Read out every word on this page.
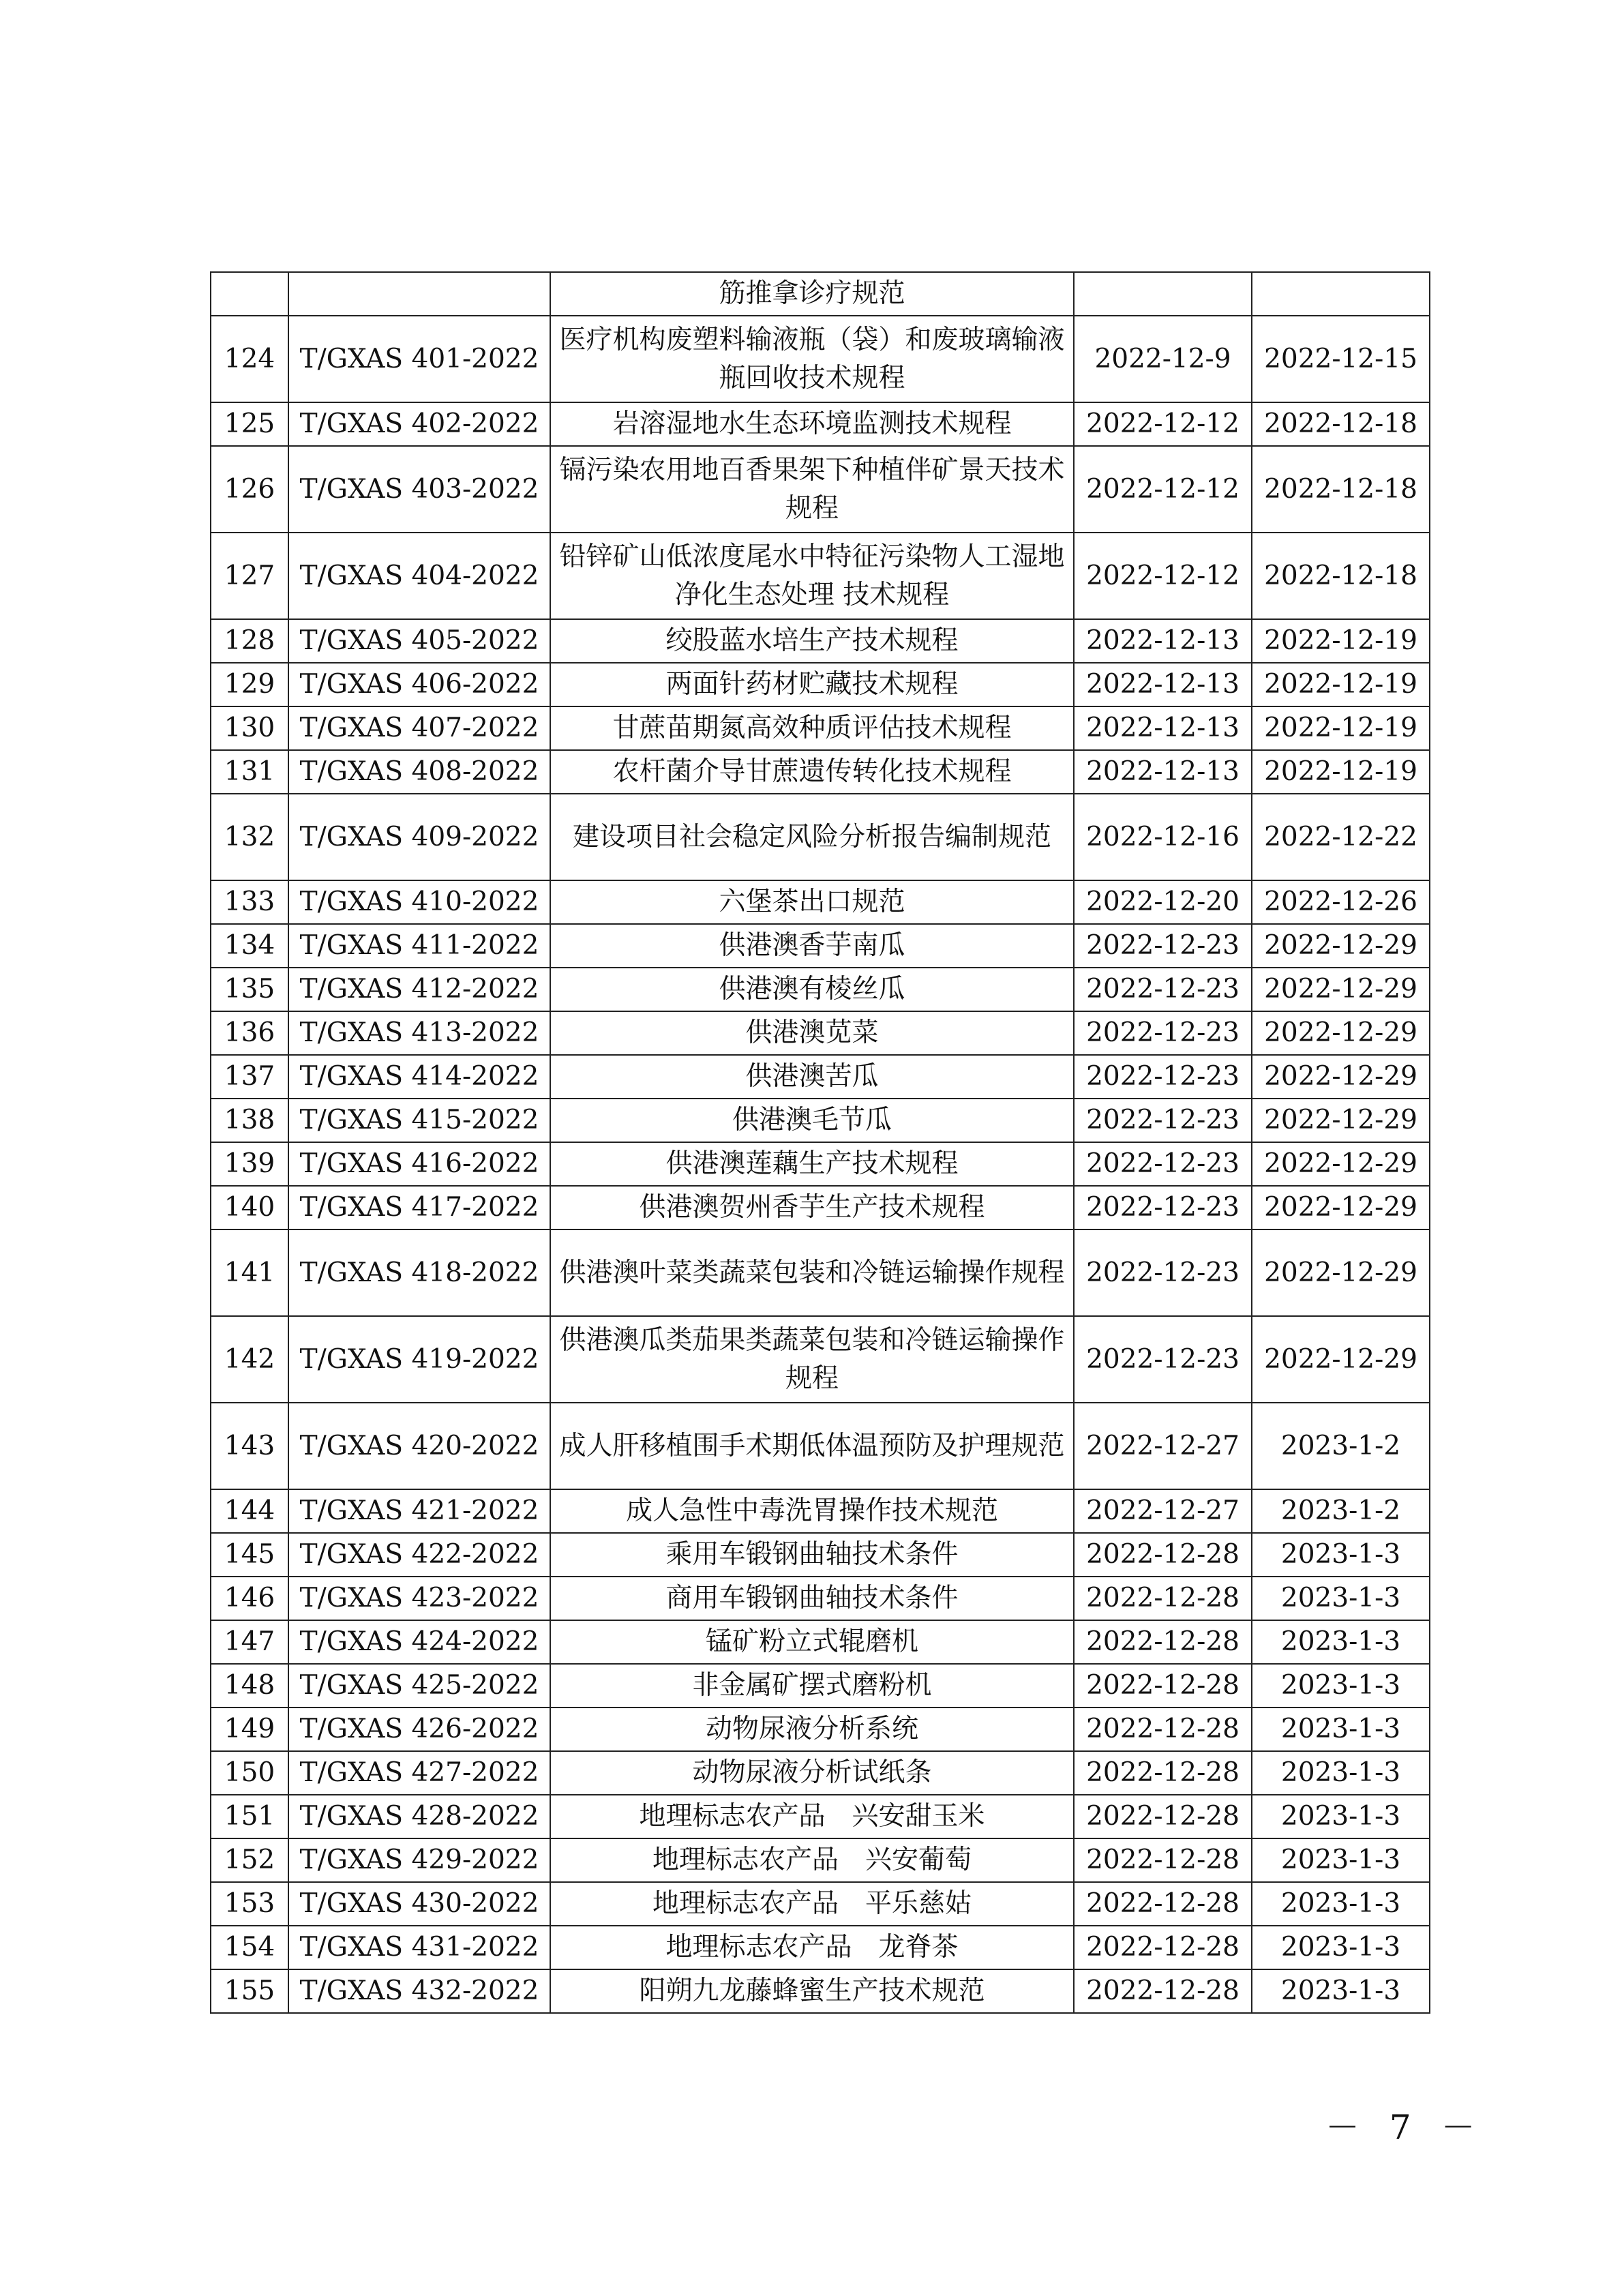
		筋推拿诊疗规范		
124	T/GXAS 401-2022	医疗机构废塑料输液瓶（袋）和废玻璃输液瓶回收技术规程	2022-12-9	2022-12-15
125	T/GXAS 402-2022	岩溶湿地水生态环境监测技术规程	2022-12-12	2022-12-18
126	T/GXAS 403-2022	镉污染农用地百香果架下种植伴矿景天技术规程	2022-12-12	2022-12-18
127	T/GXAS 404-2022	铅锌矿山低浓度尾水中特征污染物人工湿地净化生态处理 技术规程	2022-12-12	2022-12-18
128	T/GXAS 405-2022	绞股蓝水培生产技术规程	2022-12-13	2022-12-19
129	T/GXAS 406-2022	两面针药材贮藏技术规程	2022-12-13	2022-12-19
130	T/GXAS 407-2022	甘蔗苗期氮高效种质评估技术规程	2022-12-13	2022-12-19
131	T/GXAS 408-2022	农杆菌介导甘蔗遗传转化技术规程	2022-12-13	2022-12-19
132	T/GXAS 409-2022	建设项目社会稳定风险分析报告编制规范	2022-12-16	2022-12-22
133	T/GXAS 410-2022	六堡茶出口规范	2022-12-20	2022-12-26
134	T/GXAS 411-2022	供港澳香芋南瓜	2022-12-23	2022-12-29
135	T/GXAS 412-2022	供港澳有棱丝瓜	2022-12-23	2022-12-29
136	T/GXAS 413-2022	供港澳苋菜	2022-12-23	2022-12-29
137	T/GXAS 414-2022	供港澳苦瓜	2022-12-23	2022-12-29
138	T/GXAS 415-2022	供港澳毛节瓜	2022-12-23	2022-12-29
139	T/GXAS 416-2022	供港澳莲藕生产技术规程	2022-12-23	2022-12-29
140	T/GXAS 417-2022	供港澳贺州香芋生产技术规程	2022-12-23	2022-12-29
141	T/GXAS 418-2022	供港澳叶菜类蔬菜包装和冷链运输操作规程	2022-12-23	2022-12-29
142	T/GXAS 419-2022	供港澳瓜类茄果类蔬菜包装和冷链运输操作规程	2022-12-23	2022-12-29
143	T/GXAS 420-2022	成人肝移植围手术期低体温预防及护理规范	2022-12-27	2023-1-2
144	T/GXAS 421-2022	成人急性中毒洗胃操作技术规范	2022-12-27	2023-1-2
145	T/GXAS 422-2022	乘用车锻钢曲轴技术条件	2022-12-28	2023-1-3
146	T/GXAS 423-2022	商用车锻钢曲轴技术条件	2022-12-28	2023-1-3
147	T/GXAS 424-2022	锰矿粉立式辊磨机	2022-12-28	2023-1-3
148	T/GXAS 425-2022	非金属矿摆式磨粉机	2022-12-28	2023-1-3
149	T/GXAS 426-2022	动物尿液分析系统	2022-12-28	2023-1-3
150	T/GXAS 427-2022	动物尿液分析试纸条	2022-12-28	2023-1-3
151	T/GXAS 428-2022	地理标志农产品　兴安甜玉米	2022-12-28	2023-1-3
152	T/GXAS 429-2022	地理标志农产品　兴安葡萄	2022-12-28	2023-1-3
153	T/GXAS 430-2022	地理标志农产品　平乐慈姑	2022-12-28	2023-1-3
154	T/GXAS 431-2022	地理标志农产品　龙脊茶	2022-12-28	2023-1-3
155	T/GXAS 432-2022	阳朔九龙藤蜂蜜生产技术规范	2022-12-28	2023-1-3
－ 7 －
